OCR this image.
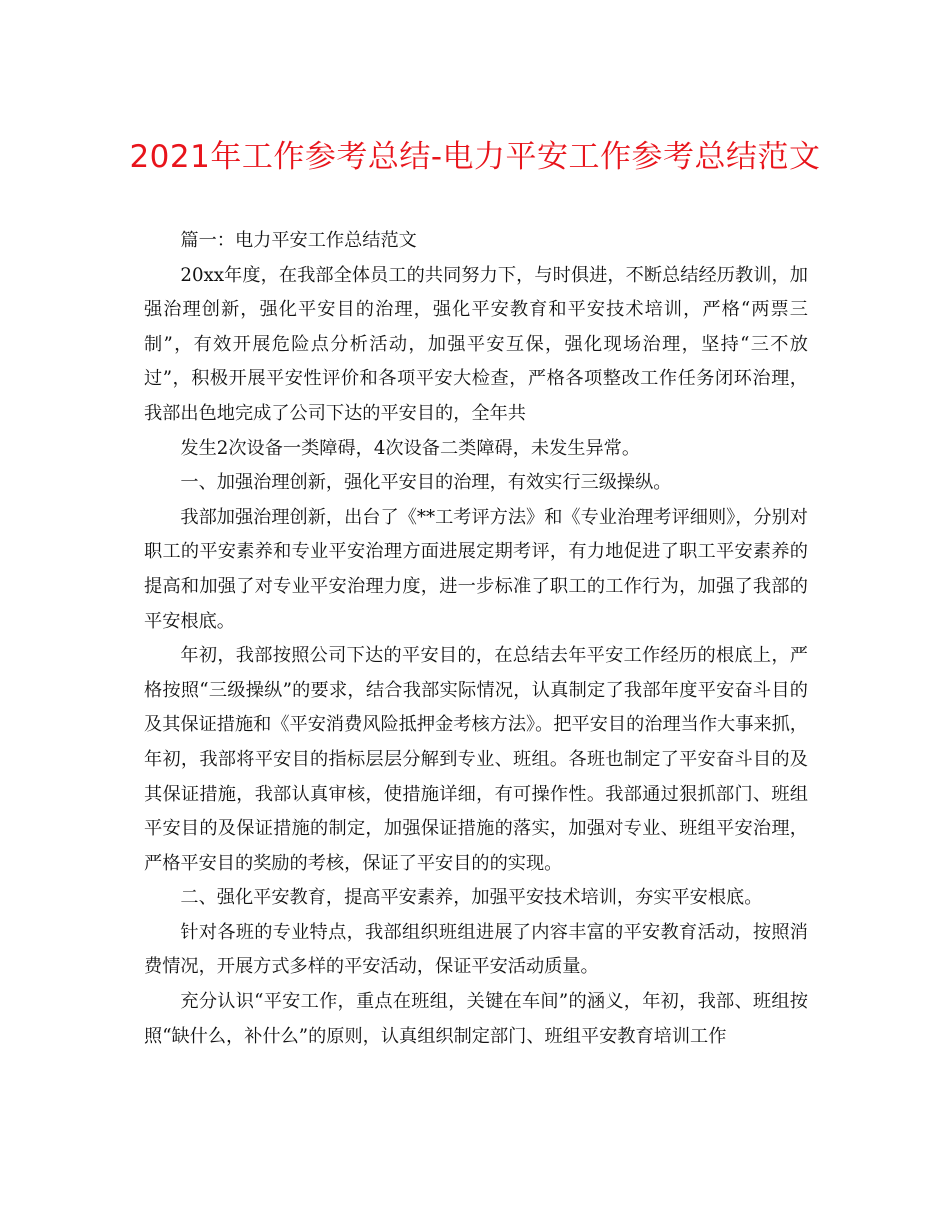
2021年工作参考总结-电力平安工作参考总结范文

篇一：电力平安工作总结范文

20xx年度，在我部全体员工的共同努力下，与时俱进，不断总结经历教训，加强治理创新，强化平安目的治理，强化平安教育和平安技术培训，严格“两票三制”，有效开展危险点分析活动，加强平安互保，强化现场治理，坚持“三不放过”，积极开展平安性评价和各项平安大检查，严格各项整改工作任务闭环治理，我部出色地完成了公司下达的平安目的，全年共

发生2次设备一类障碍，4次设备二类障碍，未发生异常。

一、加强治理创新，强化平安目的治理，有效实行三级操纵。

我部加强治理创新，出台了《**工考评方法》和《专业治理考评细则》，分别对职工的平安素养和专业平安治理方面进展定期考评，有力地促进了职工平安素养的提高和加强了对专业平安治理力度，进一步标准了职工的工作行为，加强了我部的平安根底。

年初，我部按照公司下达的平安目的，在总结去年平安工作经历的根底上，严格按照“三级操纵”的要求，结合我部实际情况，认真制定了我部年度平安奋斗目的及其保证措施和《平安消费风险抵押金考核方法》。把平安目的治理当作大事来抓，年初，我部将平安目的指标层层分解到专业、班组。各班也制定了平安奋斗目的及其保证措施，我部认真审核，使措施详细，有可操作性。我部通过狠抓部门、班组平安目的及保证措施的制定，加强保证措施的落实，加强对专业、班组平安治理，严格平安目的奖励的考核，保证了平安目的的实现。

二、强化平安教育，提高平安素养，加强平安技术培训，夯实平安根底。

针对各班的专业特点，我部组织班组进展了内容丰富的平安教育活动，按照消费情况，开展方式多样的平安活动，保证平安活动质量。

充分认识“平安工作，重点在班组，关键在车间”的涵义，年初，我部、班组按照“缺什么，补什么”的原则，认真组织制定部门、班组平安教育培训工作
